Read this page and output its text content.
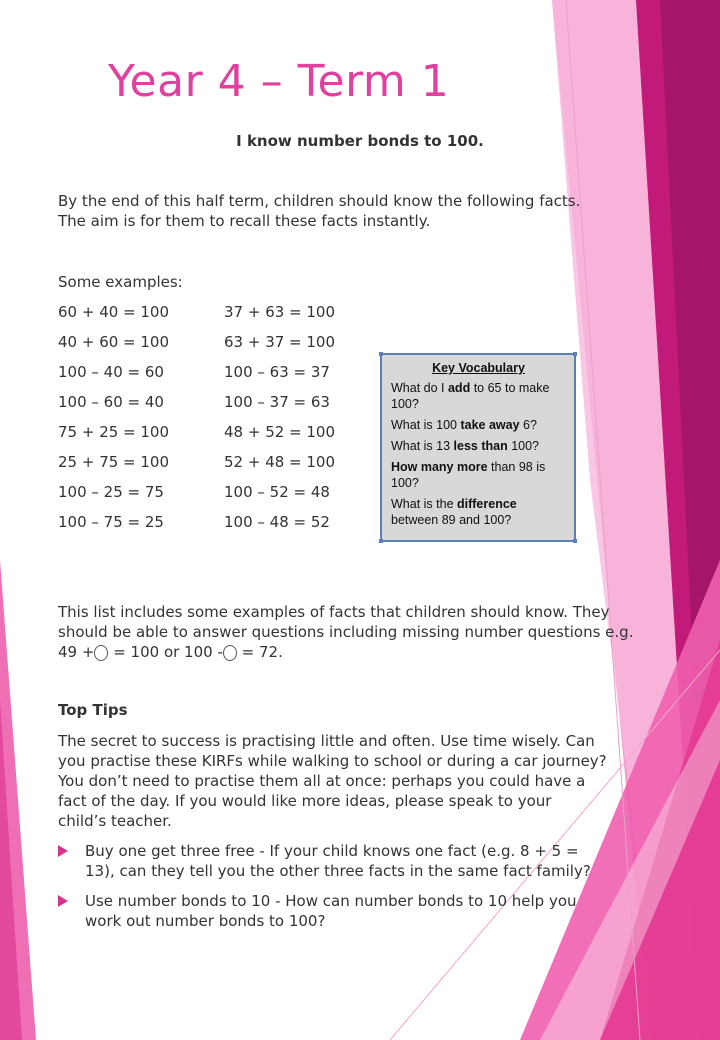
Year 4 – Term 1
I know number bonds to 100.
By the end of this half term, children should know the following facts.
The aim is for them to recall these facts instantly.
Some examples:
60 + 40 = 100	37 + 63 = 100
40 + 60 = 100	63 + 37 = 100
100 – 40 = 60	100 – 63 = 37
100 – 60 = 40	100 – 37 = 63
75 + 25 = 100	48 + 52 = 100
25 + 75 = 100	52 + 48 = 100
100 – 25 = 75	100 – 52 = 48
100 – 75 = 25	100 – 48 = 52
Key Vocabulary
What do I add to 65 to make 100?
What is 100 take away 6?
What is 13 less than 100?
How many more than 98 is 100?
What is the difference between 89 and 100?
This list includes some examples of facts that children should know. They
should be able to answer questions including missing number questions e.g.
49 + = 100 or 100 - = 72.
Top Tips
The secret to success is practising little and often. Use time wisely. Can
you practise these KIRFs while walking to school or during a car journey?
You don’t need to practise them all at once: perhaps you could have a
fact of the day. If you would like more ideas, please speak to your
child’s teacher.
Buy one get three free - If your child knows one fact (e.g. 8 + 5 =
13), can they tell you the other three facts in the same fact family?
Use number bonds to 10 - How can number bonds to 10 help you
work out number bonds to 100?
